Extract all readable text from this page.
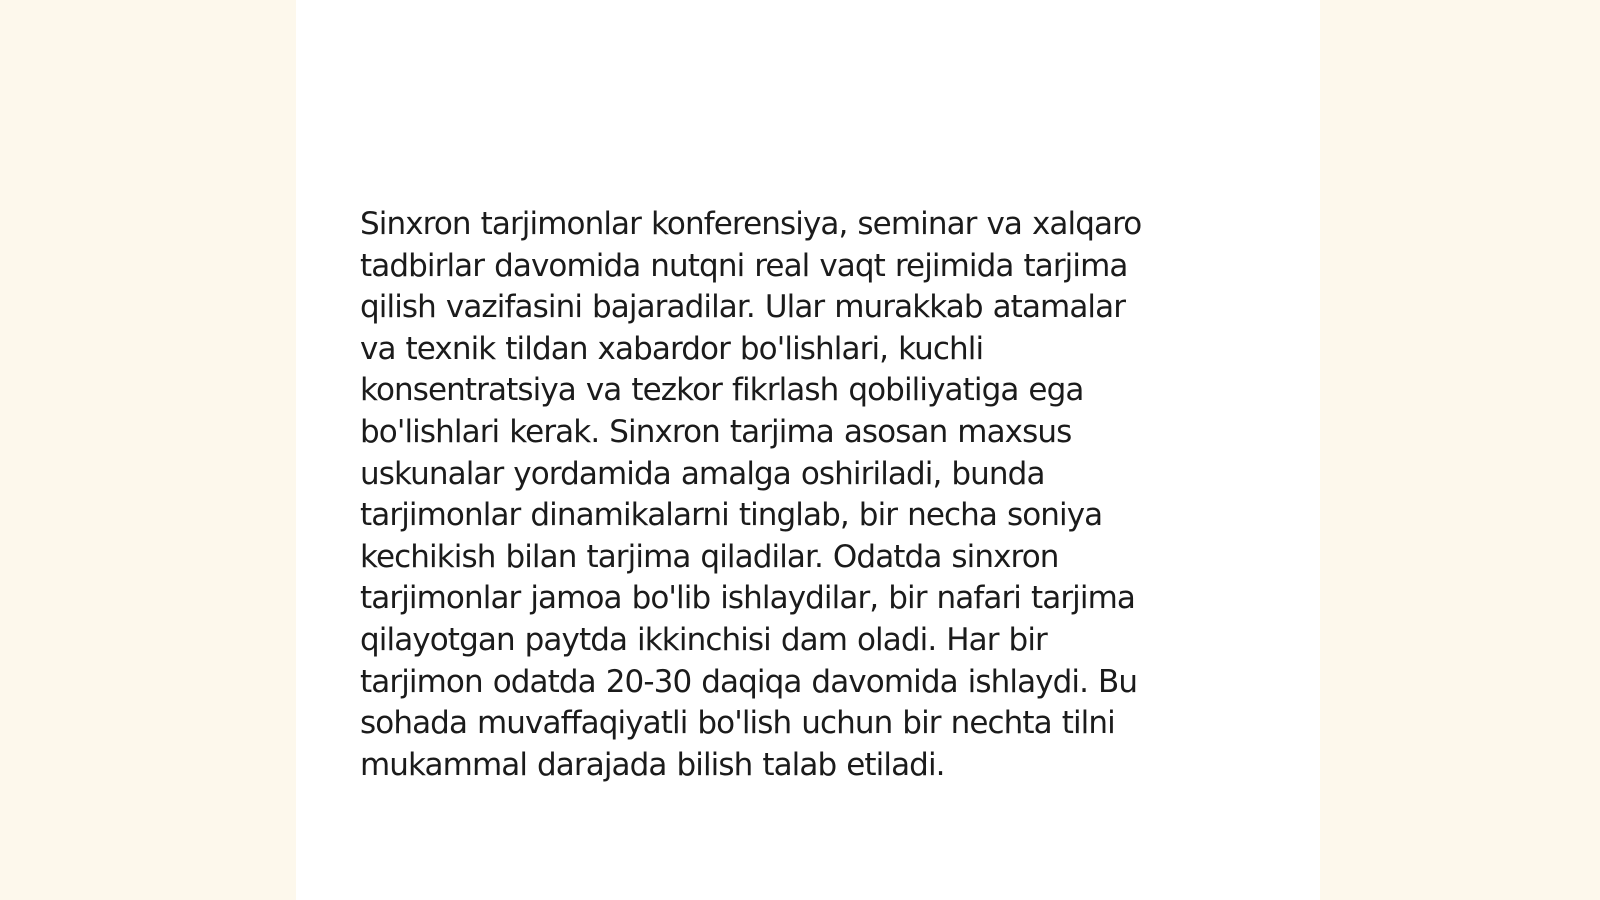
Sinxron tarjimonlar konferensiya, seminar va xalqaro
tadbirlar davomida nutqni real vaqt rejimida tarjima
qilish vazifasini bajaradilar. Ular murakkab atamalar
va texnik tildan xabardor bo'lishlari, kuchli
konsentratsiya va tezkor fikrlash qobiliyatiga ega
bo'lishlari kerak. Sinxron tarjima asosan maxsus
uskunalar yordamida amalga oshiriladi, bunda
tarjimonlar dinamikalarni tinglab, bir necha soniya
kechikish bilan tarjima qiladilar. Odatda sinxron
tarjimonlar jamoa bo'lib ishlaydilar, bir nafari tarjima
qilayotgan paytda ikkinchisi dam oladi. Har bir
tarjimon odatda 20-30 daqiqa davomida ishlaydi. Bu
sohada muvaffaqiyatli bo'lish uchun bir nechta tilni
mukammal darajada bilish talab etiladi.
